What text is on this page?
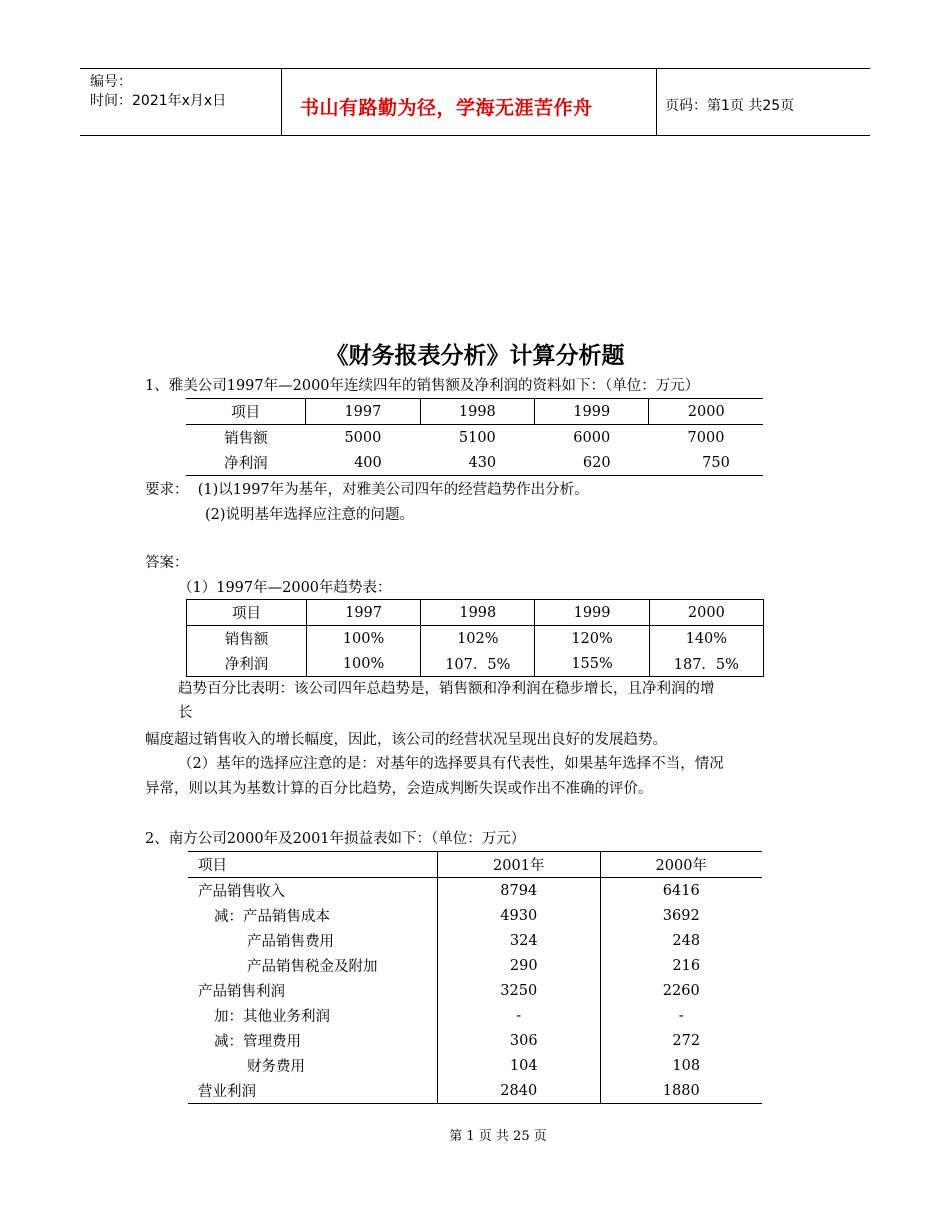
编号：
时间：2021年x月x日	书山有路勤为径，学海无涯苦作舟	页码：第1页 共25页
《财务报表分析》计算分析题
1、雅美公司1997年—2000年连续四年的销售额及净利润的资料如下：（单位：万元）
项目	1997	1998	1999	2000
销售额	5000	5100	6000	7000
净利润	400	430	620	750
要求：  (1)以1997年为基年，对雅美公司四年的经营趋势作出分析。
(2)说明基年选择应注意的问题。
答案：
（1）1997年—2000年趋势表：
项目	1997	1998	1999	2000
销售额	100%	102%	120%	140%
净利润	100%	107．5%	155%	187．5%
趋势百分比表明：该公司四年总趋势是，销售额和净利润在稳步增长，且净利润的增
长
幅度超过销售收入的增长幅度，因此，该公司的经营状况呈现出良好的发展趋势。
（2）基年的选择应注意的是：对基年的选择要具有代表性，如果基年选择不当，情况
异常，则以其为基数计算的百分比趋势，会造成判断失误或作出不准确的评价。
2、南方公司2000年及2001年损益表如下：（单位：万元）
项目	2001年	2000年
产品销售收入	8794	6416
减：产品销售成本	4930	3692
产品销售费用	324	248
产品销售税金及附加	290	216
产品销售利润	3250	2260
加：其他业务利润	-	-
减：管理费用	306	272
财务费用	104	108
营业利润	2840	1880
第 1 页 共 25 页
